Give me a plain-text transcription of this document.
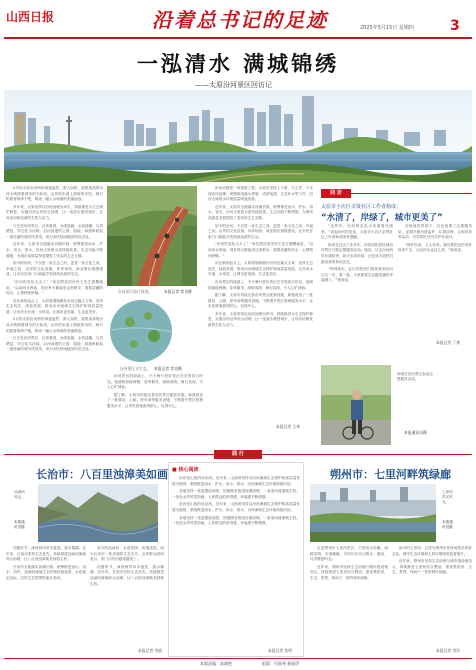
山西日报	沿着总书记的足迹	2025年5月15日 星期四	3
一泓清水 满城锦绣
——太原汾河景区回访记

5月的太原汾河两岸绿意盎然，游人如织。碧波荡漾的汾河水映照着城市的天际线，沿岸的步道上晨练的市民、骑行的游客络绎不绝，构成一幅人水和谐的美丽画卷。

多年来，太原坚持以汾河治理为牵引，持续推进水生态保护修复，实施汾河沿岸综合治理，让一泓清水重回城市，让母亲河焕发新的生机与活力。

行走在汾河景区，记者看到，水面宽阔，水质清澈，鸟类栖息，岸边花木扶疏。沿河而建的公园、湿地、绿道串联起一道亮丽的城市风景线，成为市民休闲健身的好去处。

近年来，太原市全面落实河湖长制，统筹推进治水、护水、用水、管水，汾河太原段水质持续改善，生态功能不断增强，为城市高质量发展提供了坚实的生态支撑。

如今的汾河，不仅是一条生态之河，更是一条文化之河、幸福之河。沿岸的文化设施、体育场馆、商业街区相继建成，让市民在家门口就能享受到高品质的生活。

“汾河的变化太大了！”家住附近的市民王先生感慨地说，“以前河水浑浊，现在每天都能来这里散步，看着清澈的河水，心情特别舒畅。”

站在新的起点上，太原将继续做好汾河这篇大文章，坚持生态优先、绿色发展，推动汾河流域生态保护和高质量发展，让汾河水长流、水常清，让城市更美丽、生活更美好。

5月的太原汾河两岸绿意盎然，游人如织。碧波荡漾的汾河水映照着城市的天际线，沿岸的步道上晨练的市民、骑行的游客络绎不绝，构成一幅人水和谐的美丽画卷。

行走在汾河景区，记者看到，水面宽阔，水质清澈，鸟类栖息，岸边花木扶疏。沿河而建的公园、湿地、绿道串联起一道亮丽的城市风景线，成为市民休闲健身的好去处。

汾河景区骑行绿道。	本报记者 常良摄
汾河景区水生态。 本报记者 常良摄

汾河景区的绿道上，不少骑行爱好者正在享受春日时光。宽阔的绿道两侧，花草繁茂，绿树成荫，骑行其间，令人心旷神怡。

据了解，太原市持续完善汾河景区配套设施，新建改造了一批驿站、公厕、停车场等服务设施，不断提升景区管理服务水平，让市民游客游得舒心、玩得开心。

汾河治理是一项系统工程。太原市坚持上下游、左右岸、干支流协同治理，统筹推进截污纳管、清淤疏浚、生态补水等工作，汾河太原段水环境质量明显改善。

近年来，太原市全面落实河湖长制，统筹推进治水、护水、用水、管水，汾河太原段水质持续改善，生态功能不断增强，为城市高质量发展提供了坚实的生态支撑。

如今的汾河，不仅是一条生态之河，更是一条文化之河、幸福之河。沿岸的文化设施、体育场馆、商业街区相继建成，让市民在家门口就能享受到高品质的生活。

“汾河的变化太大了！”家住附近的市民王先生感慨地说，“以前河水浑浊，现在每天都能来这里散步，看着清澈的河水，心情特别舒畅。”

站在新的起点上，太原将继续做好汾河这篇大文章，坚持生态优先、绿色发展，推动汾河流域生态保护和高质量发展，让汾河水长流、水常清，让城市更美丽、生活更美好。

汾河景区的绿道上，不少骑行爱好者正在享受春日时光。宽阔的绿道两侧，花草繁茂，绿树成荫，骑行其间，令人心旷神怡。

据了解，太原市持续完善汾河景区配套设施，新建改造了一批驿站、公厕、停车场等服务设施，不断提升景区管理服务水平，让市民游客游得舒心、玩得开心。

多年来，太原坚持以汾河治理为牵引，持续推进水生态保护修复，实施汾河沿岸综合治理，让一泓清水重回城市，让母亲河焕发新的生机与活力。

本报记者 王伟
回 访
太原市小店区亲贤社区工作者杨成：
“水清了，岸绿了，城市更美了”

“这些年，汾河的变化大家都看在眼里。”谈起汾河的变化，太原市小店区亲贤社区工作者杨成深有感触。

杨成在社区工作多年，经常组织居民到汾河景区开展志愿服务活动。她说，过去汾河两岸环境较差，如今水清岸绿，已经成为居民们最喜欢的休闲去处。

“每到周末，社区的居民们都喜欢到汾河边走一走、看一看，大家都说生活越来越有幸福感了。”杨成说。

在杨成的带领下，社区组建了志愿服务队，定期开展河道巡护、垃圾清理、文明劝导等活动，引导居民共同守护母亲河。

“保护汾河，人人有责。我们要把这份美好传承下去，让汾河永远这么美。”杨成说。

本报记者 丁爽
杨成在汾河景区参加志愿服务活动。
本报通讯员摄
践 行
长治市：八百里浊漳美如画
浊漳河风光。
本报通讯员摄

初夏时节，漳河两岸草木葱茏，碧水潺潺。近年来，长治市坚持生态优先，持续推进浊漳河流域综合治理，让八百里浊漳焕发勃勃生机。

长治市全面落实河湖长制，统筹推进治污、治水、治岸，浊漳河流域生态环境持续改善，水质稳定达标，沿岸生态景观带逐步形成。

如今的浊漳河，水清岸绿、鱼翔浅底，成为长治市一张亮丽的生态名片。沿岸群众纷纷表示，家门口的河越来越美了。

初夏时节，漳河两岸草木葱茏，碧水潺潺。近年来，长治市坚持生态优先，持续推进浊漳河流域综合治理，让八百里浊漳焕发勃勃生机。

本报记者 李丽
■ 核心阅读

汾河是山西的母亲河。近年来，山西省坚持以汾河流域生态保护和高质量发展为统领，系统推进治水、护水、用水、管水，汾河流域生态环境持续向好。

各地坚持一张蓝图绘到底，因地制宜推进河湖治理，一条条河流重焕生机，一处处水岸风景如画，人民群众的获得感、幸福感不断增强。

汾河是山西的母亲河。近年来，山西省坚持以汾河流域生态保护和高质量发展为统领，系统推进治水、护水、用水、管水，汾河流域生态环境持续向好。

各地坚持一张蓝图绘到底，因地制宜推进河湖治理，一条条河流重焕生机，一处处水岸风景如画，人民群众的获得感、幸福感不断增强。

本报记者 张明
朔州市：七里河畔筑绿廊
七里河景区风光。
本报通讯员摄

走进朔州市七里河景区，只见河水清澈，绿树成荫，步道蜿蜒，市民们在河边散步、健身，尽享惬意时光。

近年来，朔州市坚持生态治理与城市建设相结合，持续推进七里河综合整治，建成集防洪、生态、景观、休闲于一体的城市绿廊。

如今的七里河，已成为朔州市民休闲娱乐的好去处，城市生态环境和人居环境得到显著提升。

近年来，朔州市坚持生态治理与城市建设相结合，持续推进七里河综合整治，建成集防洪、生态、景观、休闲于一体的城市绿廊。

本报记者 刘洋
本版责编：高晓艳	组版：付丽琴 郝丽萍
